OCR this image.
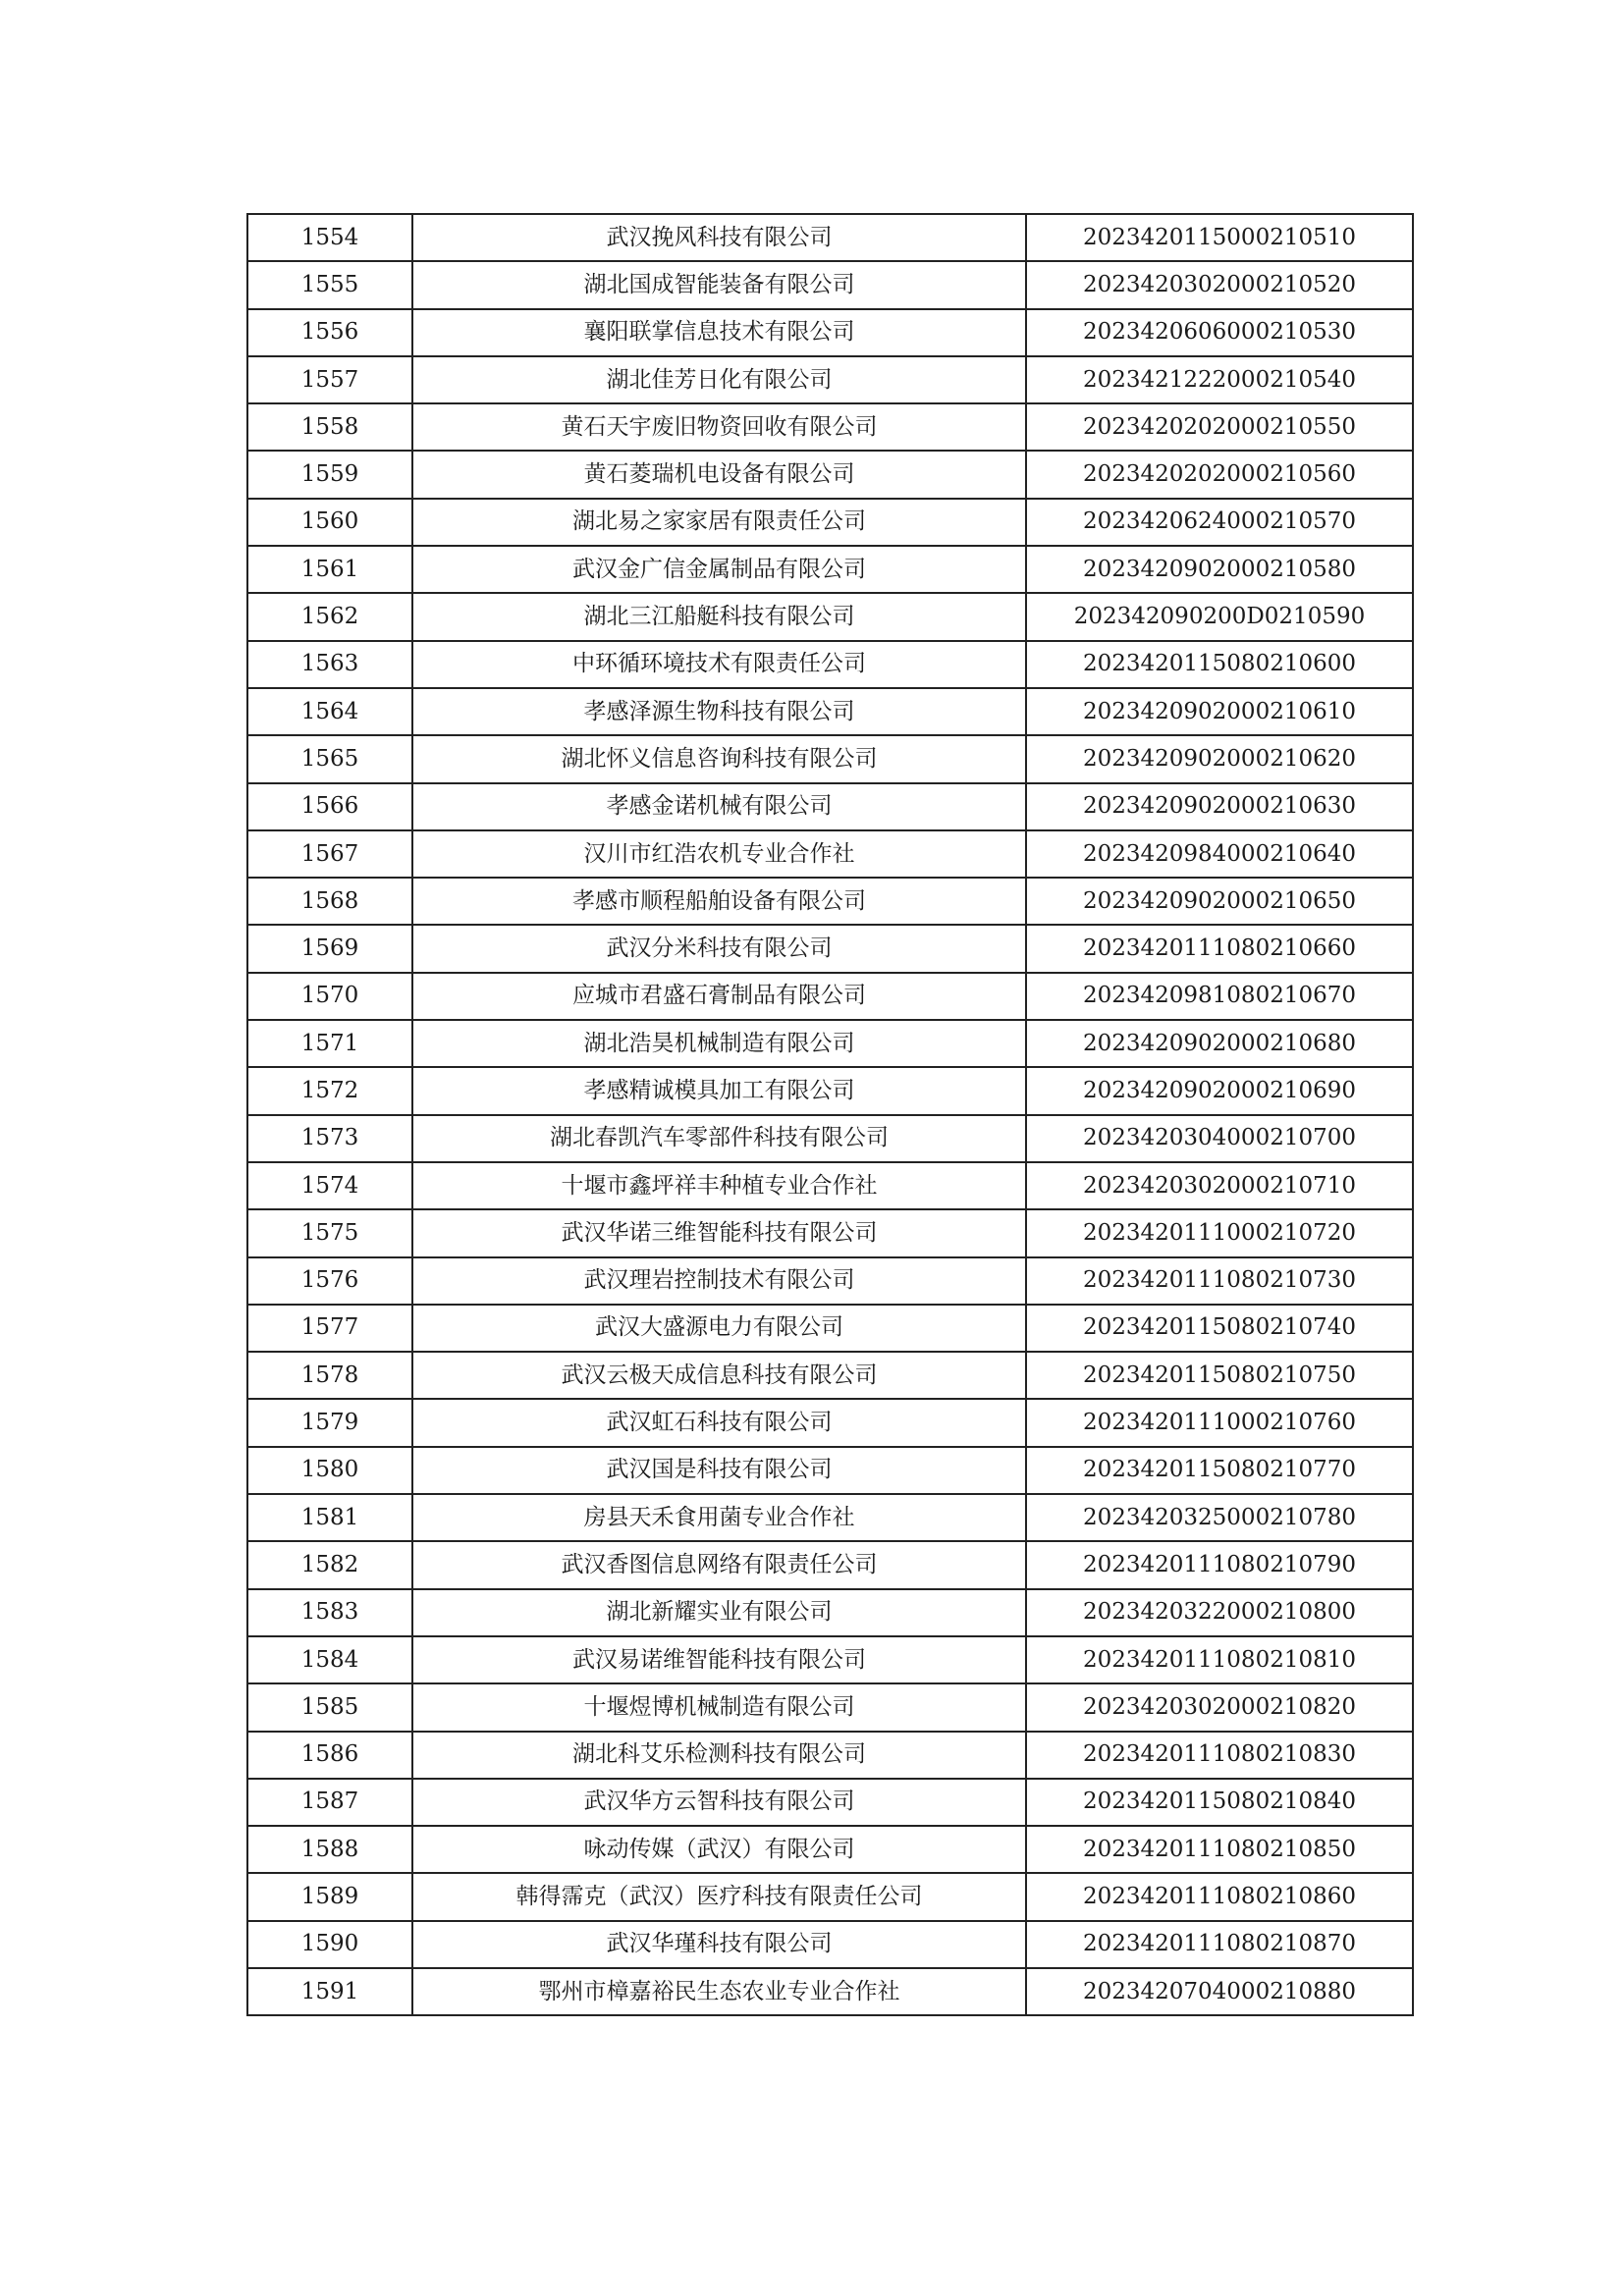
1554	武汉挽风科技有限公司	2023420115000210510
1555	湖北国成智能装备有限公司	2023420302000210520
1556	襄阳联掌信息技术有限公司	2023420606000210530
1557	湖北佳芳日化有限公司	2023421222000210540
1558	黄石天宇废旧物资回收有限公司	2023420202000210550
1559	黄石菱瑞机电设备有限公司	2023420202000210560
1560	湖北易之家家居有限责任公司	2023420624000210570
1561	武汉金广信金属制品有限公司	2023420902000210580
1562	湖北三江船艇科技有限公司	202342090200D0210590
1563	中环循环境技术有限责任公司	2023420115080210600
1564	孝感泽源生物科技有限公司	2023420902000210610
1565	湖北怀义信息咨询科技有限公司	2023420902000210620
1566	孝感金诺机械有限公司	2023420902000210630
1567	汉川市红浩农机专业合作社	2023420984000210640
1568	孝感市顺程船舶设备有限公司	2023420902000210650
1569	武汉分米科技有限公司	2023420111080210660
1570	应城市君盛石膏制品有限公司	2023420981080210670
1571	湖北浩昊机械制造有限公司	2023420902000210680
1572	孝感精诚模具加工有限公司	2023420902000210690
1573	湖北春凯汽车零部件科技有限公司	2023420304000210700
1574	十堰市鑫坪祥丰种植专业合作社	2023420302000210710
1575	武汉华诺三维智能科技有限公司	2023420111000210720
1576	武汉理岩控制技术有限公司	2023420111080210730
1577	武汉大盛源电力有限公司	2023420115080210740
1578	武汉云极天成信息科技有限公司	2023420115080210750
1579	武汉虹石科技有限公司	2023420111000210760
1580	武汉国是科技有限公司	2023420115080210770
1581	房县天禾食用菌专业合作社	2023420325000210780
1582	武汉香图信息网络有限责任公司	2023420111080210790
1583	湖北新耀实业有限公司	2023420322000210800
1584	武汉易诺维智能科技有限公司	2023420111080210810
1585	十堰煜博机械制造有限公司	2023420302000210820
1586	湖北科艾乐检测科技有限公司	2023420111080210830
1587	武汉华方云智科技有限公司	2023420115080210840
1588	咏动传媒（武汉）有限公司	2023420111080210850
1589	韩得霈克（武汉）医疗科技有限责任公司	2023420111080210860
1590	武汉华瑾科技有限公司	2023420111080210870
1591	鄂州市樟嘉裕民生态农业专业合作社	2023420704000210880
